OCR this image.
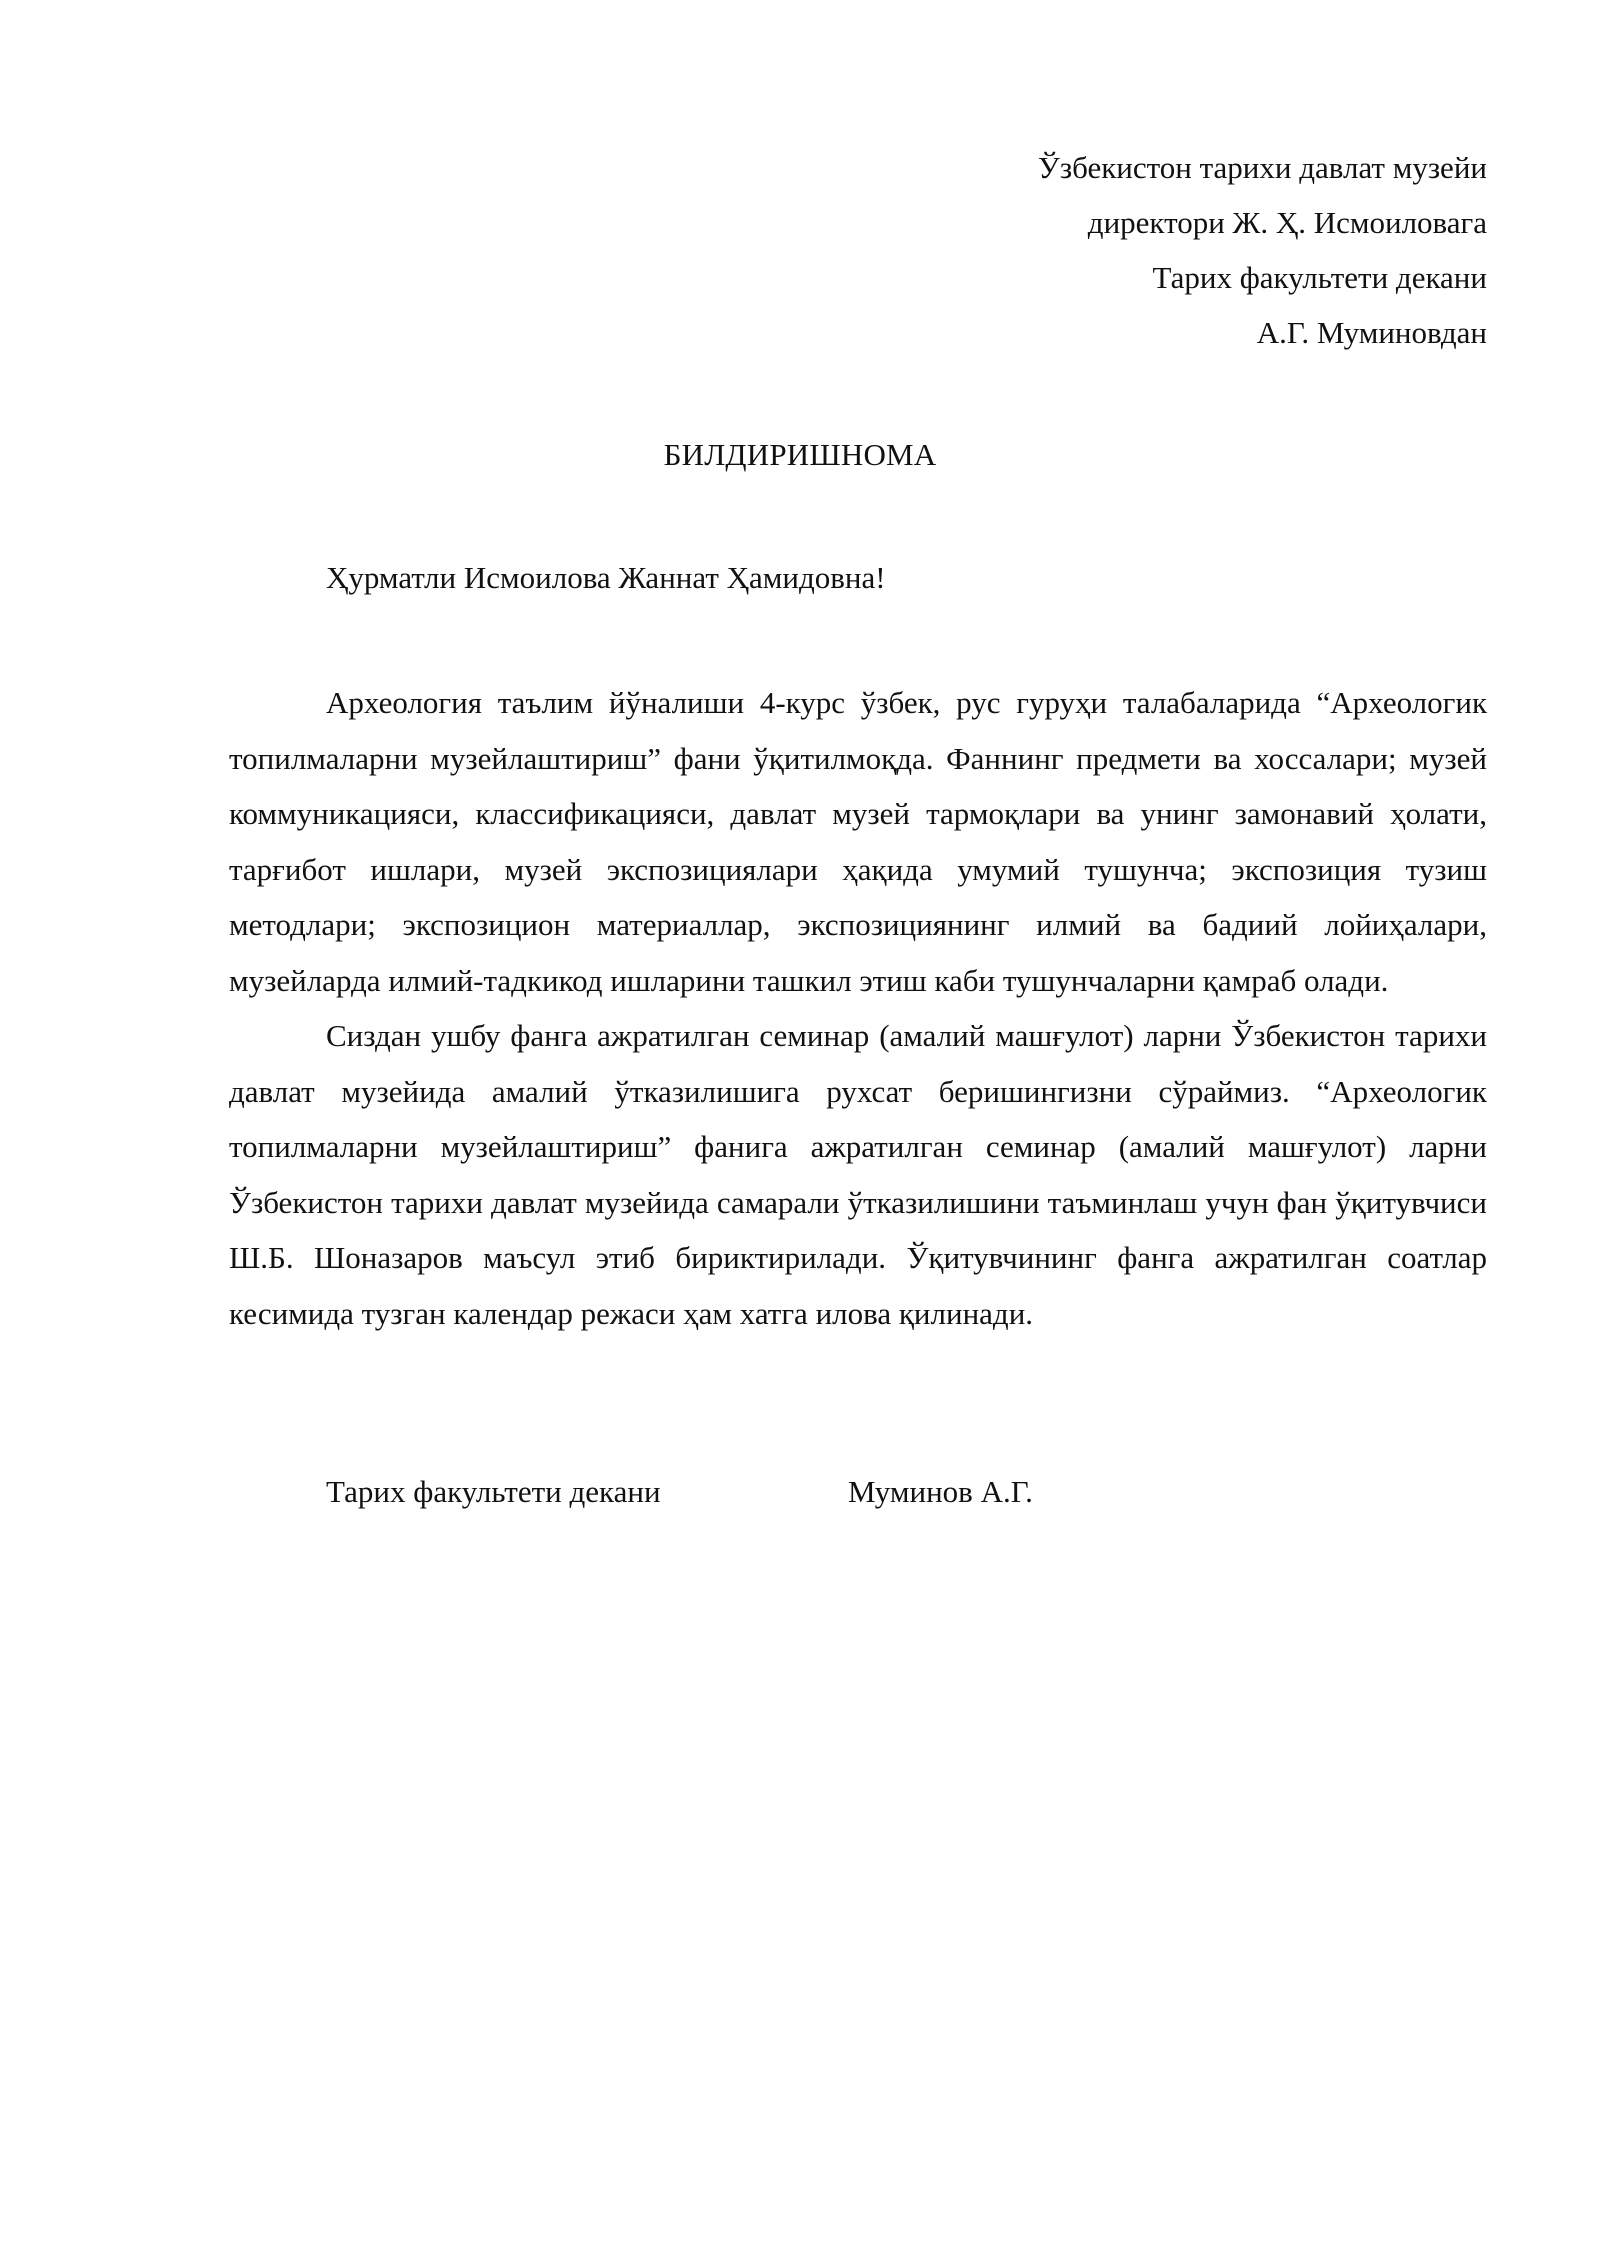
Ўзбекистон тарихи давлат музейи
директори Ж. Ҳ. Исмоиловага
Тарих факультети декани
А.Г. Муминовдан
БИЛДИРИШНОМА
Ҳурматли Исмоилова Жаннат Ҳамидовна!

Археология таълим йўналиши 4-курс ўзбек, рус гуруҳи талабаларида “Археологик топилмаларни музейлаштириш” фани ўқитилмоқда. Фаннинг предмети ва хоссалари; музей коммуникацияси, классификацияси, давлат музей тармоқлари ва унинг замонавий ҳолати, тарғибот ишлари, музей экспозициялари ҳақида умумий тушунча; экспозиция тузиш методлари; экспозицион материаллар, экспозициянинг илмий ва бадиий лойиҳалари, музейларда илмий-тадкикод ишларини ташкил этиш каби тушунчаларни қамраб олади.

Сиздан ушбу фанга ажратилган семинар (амалий машғулот) ларни Ўзбекистон тарихи давлат музейида амалий ўтказилишига рухсат беришингизни сўраймиз. “Археологик топилмаларни музейлаштириш” фанига ажратилган семинар (амалий машғулот) ларни Ўзбекистон тарихи давлат музейида самарали ўтказилишини таъминлаш учун фан ўқитувчиси Ш.Б. Шоназаров маъсул этиб бириктирилади. Ўқитувчининг фанга ажратилган соатлар кесимида тузган календар режаси ҳам хатга илова қилинади.

Тарих факультети декани	Муминов А.Г.
